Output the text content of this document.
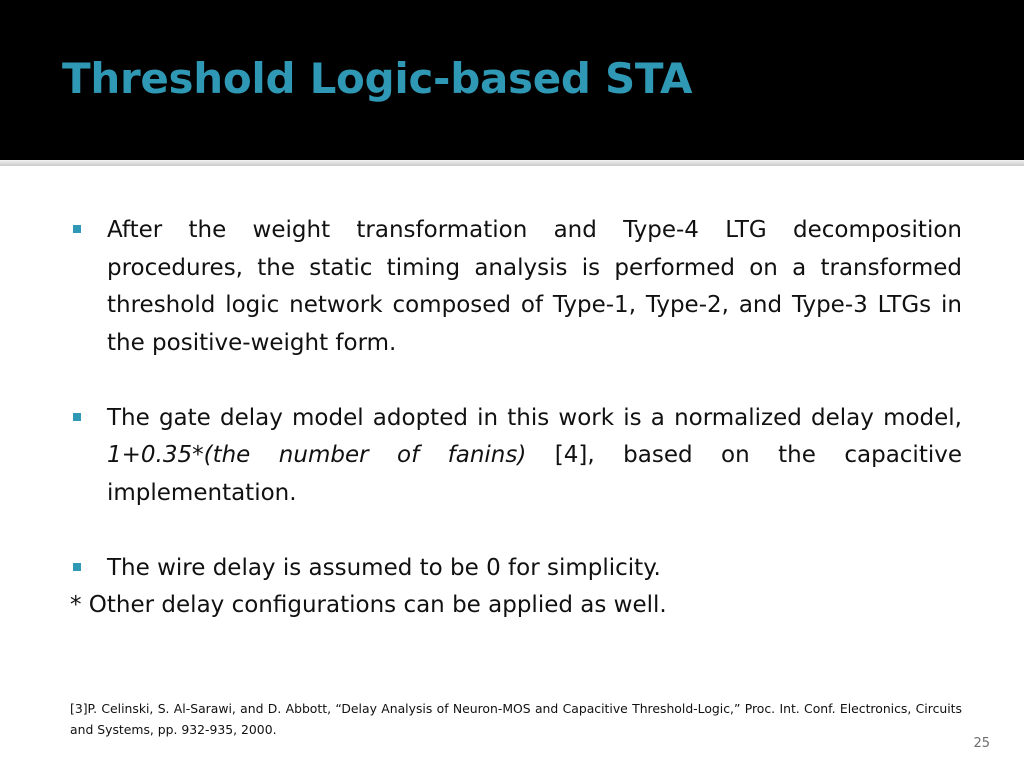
Threshold Logic-based STA

After the weight transformation and Type-4 LTG decomposition procedures, the static timing analysis is performed on a transformed threshold logic network composed of Type-1, Type-2, and Type-3 LTGs in the positive-weight form.

The gate delay model adopted in this work is a normalized delay model, 1+0.35*(the number of fanins) [4], based on the capacitive implementation.

The wire delay is assumed to be 0 for simplicity.

* Other delay configurations can be applied as well.

[3]P. Celinski, S. Al-Sarawi, and D. Abbott, “Delay Analysis of Neuron-MOS and Capacitive Threshold-Logic,” Proc. Int. Conf. Electronics, Circuits and Systems, pp. 932-935, 2000.

25
